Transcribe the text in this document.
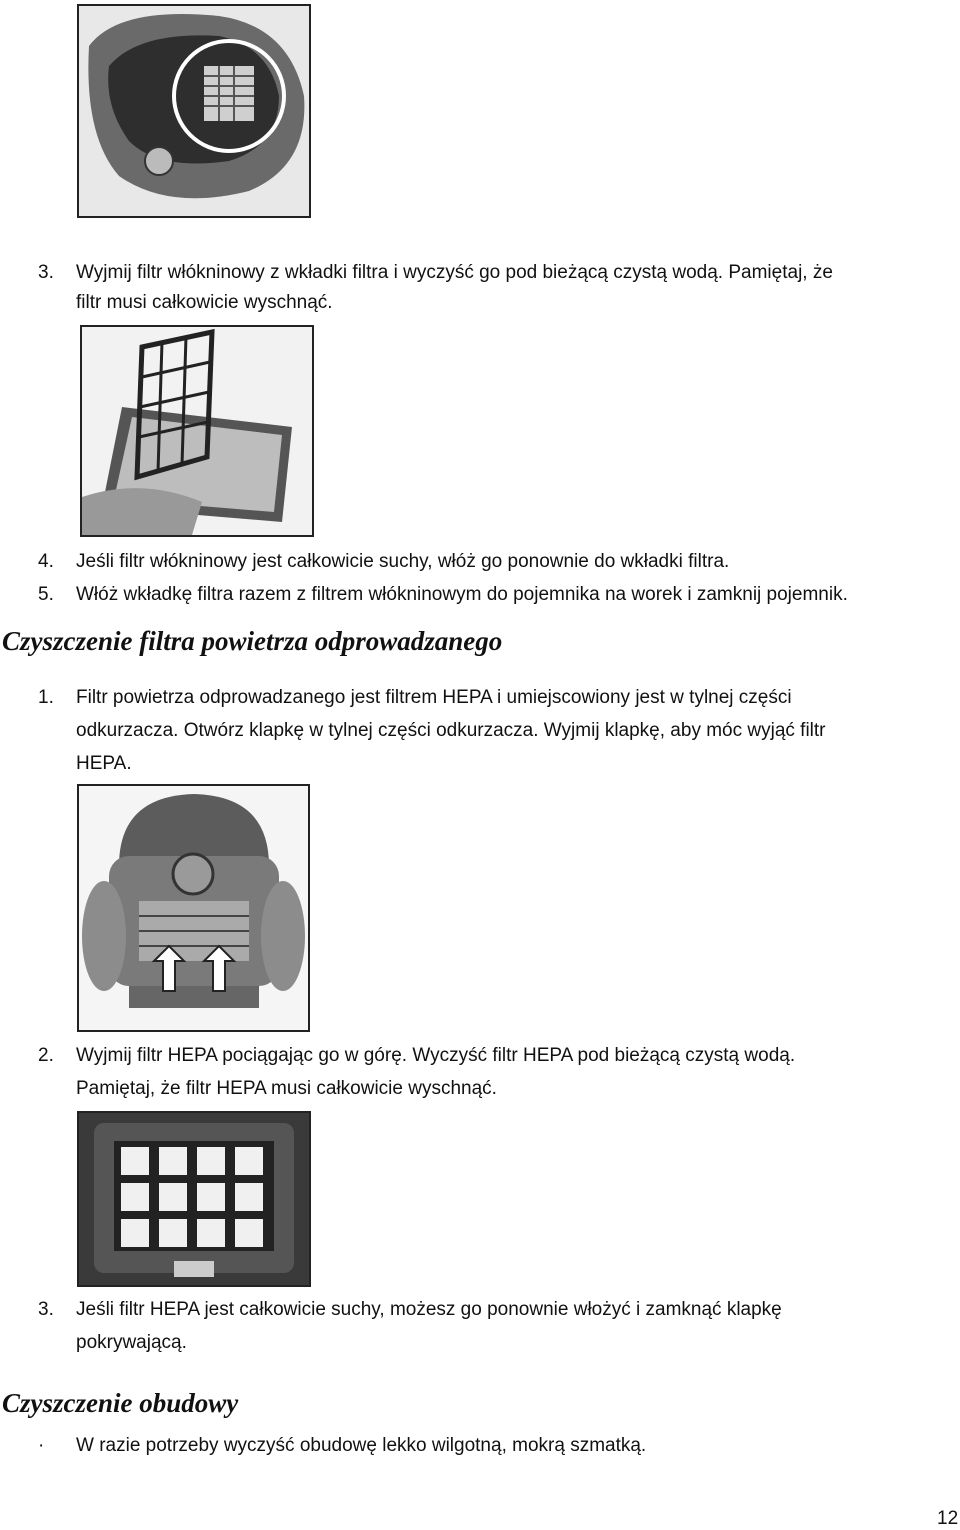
3. Wyjmij filtr włókninowy z wkładki filtra i wyczyść go pod bieżącą czystą wodą. Pamiętaj, że
filtr musi całkowicie wyschnąć.
4. Jeśli filtr włókninowy jest całkowicie suchy, włóż go ponownie do wkładki filtra.
5. Włóż wkładkę filtra razem z filtrem włókninowym do pojemnika na worek i zamknij pojemnik.
Czyszczenie filtra powietrza odprowadzanego
1. Filtr powietrza odprowadzanego jest filtrem HEPA i umiejscowiony jest w tylnej części
odkurzacza. Otwórz klapkę w tylnej części odkurzacza. Wyjmij klapkę, aby móc wyjąć filtr
HEPA.
2. Wyjmij filtr HEPA pociągając go w górę. Wyczyść filtr HEPA pod bieżącą czystą wodą.
Pamiętaj, że filtr HEPA musi całkowicie wyschnąć.
3. Jeśli filtr HEPA jest całkowicie suchy, możesz go ponownie włożyć i zamknąć klapkę
pokrywającą.
Czyszczenie obudowy
· W razie potrzeby wyczyść obudowę lekko wilgotną, mokrą szmatką.
12
